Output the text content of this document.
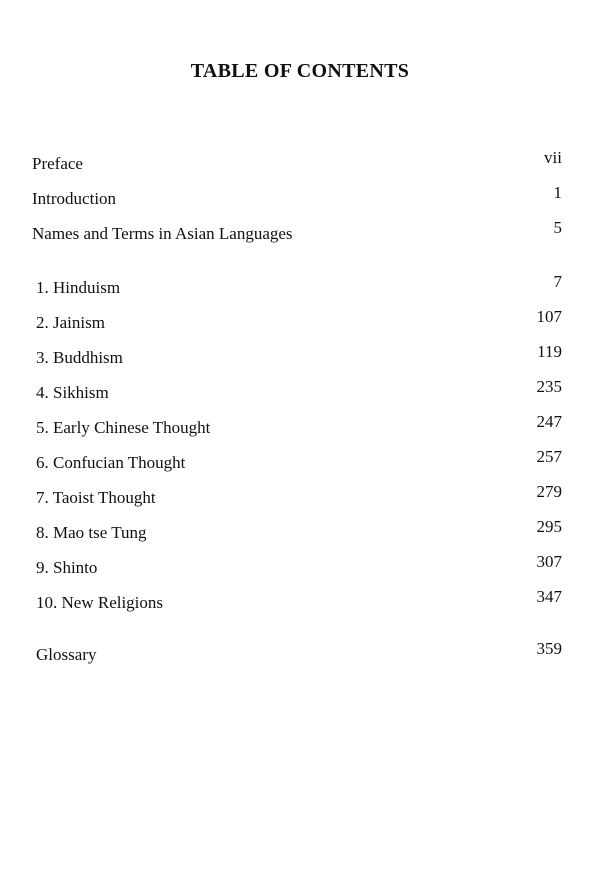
TABLE OF CONTENTS
Preface	vii
Introduction	1
Names and Terms in Asian Languages	5
1. Hinduism	7
2. Jainism	107
3. Buddhism	119
4. Sikhism	235
5. Early Chinese Thought	247
6. Confucian Thought	257
7. Taoist Thought	279
8. Mao tse Tung	295
9. Shinto	307
10. New Religions	347
Glossary	359
